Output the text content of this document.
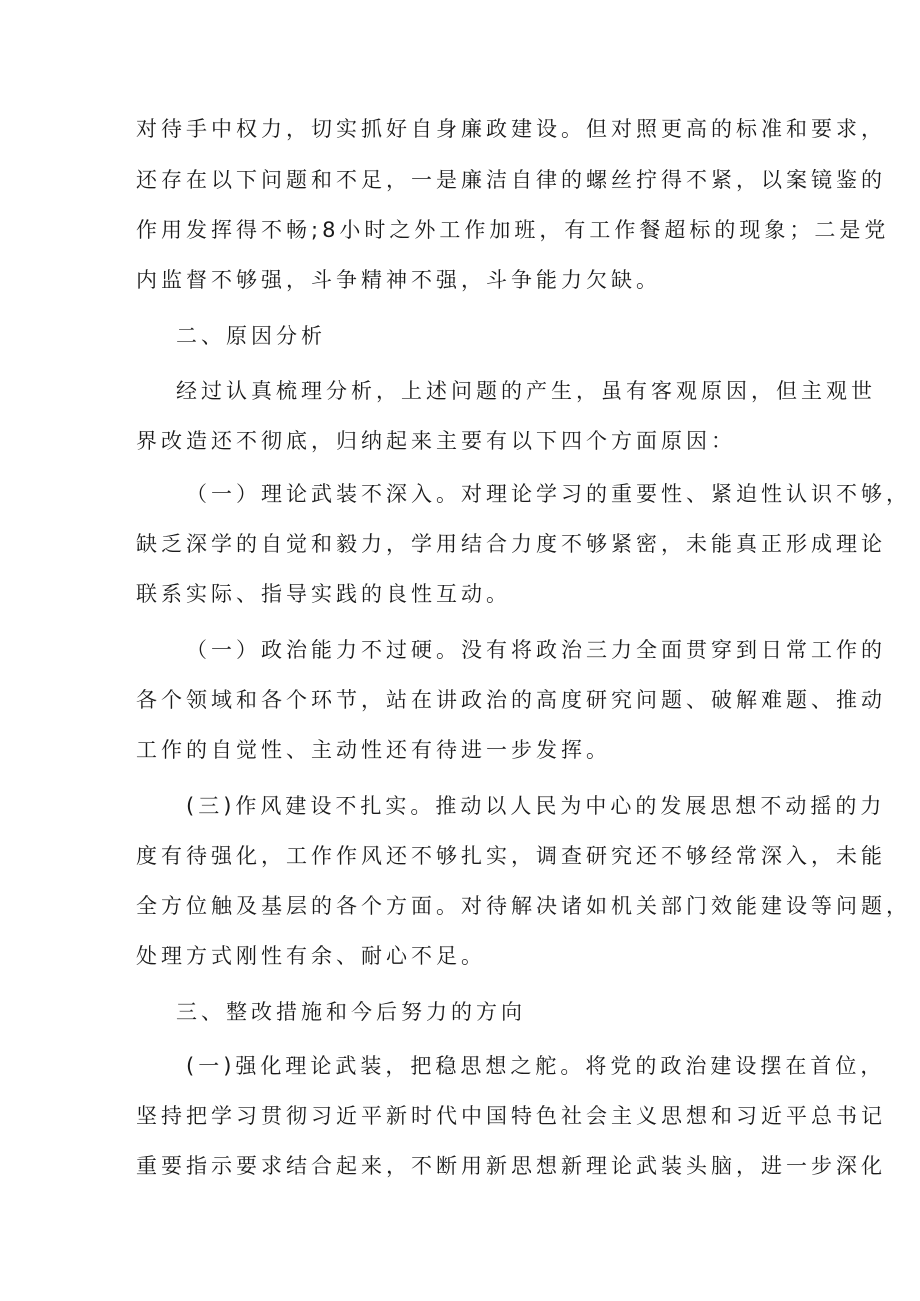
对待手中权力，切实抓好自身廉政建设。但对照更高的标准和要求，
还存在以下问题和不足，一是廉洁自律的螺丝拧得不紧，以案镜鉴的
作用发挥得不畅;8小时之外工作加班，有工作餐超标的现象；二是党
内监督不够强，斗争精神不强，斗争能力欠缺。
二、原因分析
经过认真梳理分析，上述问题的产生，虽有客观原因，但主观世
界改造还不彻底，归纳起来主要有以下四个方面原因：
（一）理论武装不深入。对理论学习的重要性、紧迫性认识不够，
缺乏深学的自觉和毅力，学用结合力度不够紧密，未能真正形成理论
联系实际、指导实践的良性互动。
（一）政治能力不过硬。没有将政治三力全面贯穿到日常工作的
各个领域和各个环节，站在讲政治的高度研究问题、破解难题、推动
工作的自觉性、主动性还有待进一步发挥。
(三)作风建设不扎实。推动以人民为中心的发展思想不动摇的力
度有待强化，工作作风还不够扎实，调查研究还不够经常深入，未能
全方位触及基层的各个方面。对待解决诸如机关部门效能建设等问题，
处理方式刚性有余、耐心不足。
三、整改措施和今后努力的方向
(一)强化理论武装，把稳思想之舵。将党的政治建设摆在首位，
坚持把学习贯彻习近平新时代中国特色社会主义思想和习近平总书记
重要指示要求结合起来，不断用新思想新理论武装头脑，进一步深化
